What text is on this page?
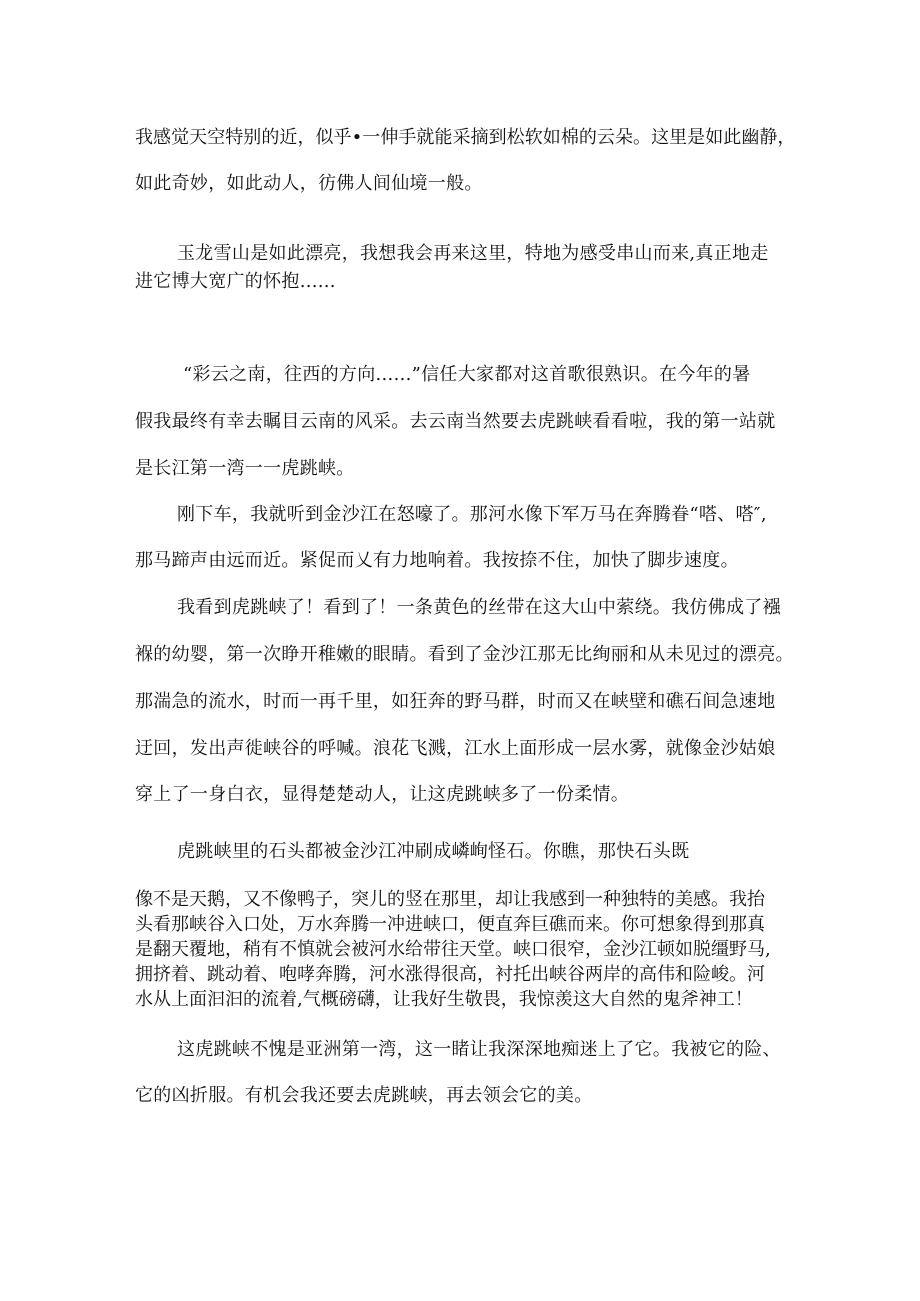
我感觉天空特别的近，似乎•一伸手就能采摘到松软如棉的云朵。这里是如此幽静，
如此奇妙，如此动人，彷佛人间仙境一般。
玉龙雪山是如此漂亮，我想我会再来这里，特地为感受串山而来,真正地走
进它博大宽广的怀抱......
“彩云之南，往西的方向......”信任大家都对这首歌很熟识。在今年的暑
假我最终有幸去瞩目云南的风采。去云南当然要去虎跳峡看看啦，我的第一站就
是长江第一湾一一虎跳峡。
刚下车，我就听到金沙江在怒嚎了。那河水像下军万马在奔腾眷“嗒、嗒″,
那马蹄声由远而近。紧促而乂有力地响着。我按捺不住，加快了脚步速度。
我看到虎跳峡了！看到了！一条黄色的丝带在这大山中萦绕。我仿佛成了襁
褓的幼婴，第一次睁开稚嫩的眼睛。看到了金沙江那无比绚丽和从未见过的漂亮。
那湍急的流水，时而一再千里，如狂奔的野马群，时而又在峡壁和礁石间急速地
迂回，发出声徙峡谷的呼喊。浪花飞溅，江水上面形成一层水雾，就像金沙姑娘
穿上了一身白衣，显得楚楚动人，让这虎跳峡多了一份柔情。
虎跳峡里的石头都被金沙江冲刷成嶙峋怪石。你瞧，那快石头既
像不是天鹅，又不像鸭子，突儿的竖在那里，却让我感到一种独特的美感。我抬
头看那峡谷入口处，万水奔腾一冲进峡口，便直奔巨礁而来。你可想象得到那真
是翻天覆地，稍有不慎就会被河水给带往天堂。峡口很窄，金沙江顿如脱缰野马,
拥挤着、跳动着、咆哮奔腾，河水涨得很高，衬托出峡谷两岸的高伟和险峻。河
水从上面汩汩的流着,气概磅礴，让我好生敬畏，我惊羡这大自然的鬼斧神工！
这虎跳峡不愧是亚洲第一湾，这一睹让我深深地痴迷上了它。我被它的险、
它的凶折服。有机会我还要去虎跳峡，再去领会它的美。
